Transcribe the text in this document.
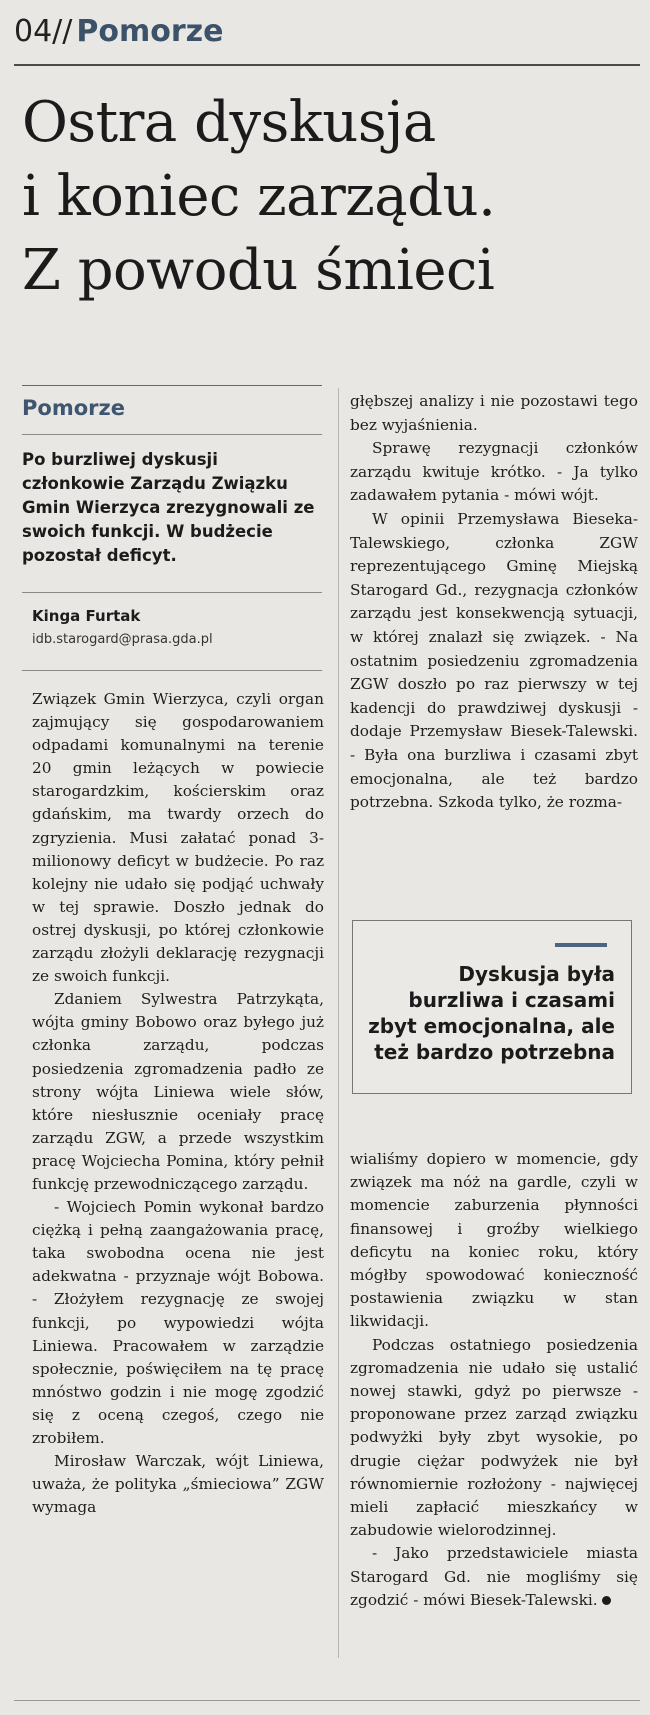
04// Pomorze
Ostra dyskusja
i koniec zarządu.
Z powodu śmieci
Pomorze
Po burzliwej dyskusji członkowie Zarządu Związku Gmin Wierzyca zrezygnowali ze swoich funkcji. W budżecie pozostał deficyt.
Kinga Furtak
idb.starogard@prasa.gda.pl

Związek Gmin Wierzyca, czyli organ zajmujący się gospodarowaniem odpadami komunalnymi na terenie 20 gmin leżących w powiecie starogardzkim, kościerskim oraz gdańskim, ma twardy orzech do zgryzienia. Musi załatać ponad 3-milionowy deficyt w budżecie. Po raz kolejny nie udało się podjąć uchwały w tej sprawie. Doszło jednak do ostrej dyskusji, po której członkowie zarządu złożyli deklarację rezygnacji ze swoich funkcji.

Zdaniem Sylwestra Patrzykąta, wójta gminy Bobowo oraz byłego już członka zarządu, podczas posiedzenia zgromadzenia padło ze strony wójta Liniewa wiele słów, które niesłusznie oceniały pracę zarządu ZGW, a przede wszystkim pracę Wojciecha Pomina, który pełnił funkcję przewodniczącego zarządu.

- Wojciech Pomin wykonał bardzo ciężką i pełną zaangażowania pracę, taka swobodna ocena nie jest adekwatna - przyznaje wójt Bobowa. - Złożyłem rezygnację ze swojej funkcji, po wypowiedzi wójta Liniewa. Pracowałem w zarządzie społecznie, poświęciłem na tę pracę mnóstwo godzin i nie mogę zgodzić się z oceną czegoś, czego nie zrobiłem.

Mirosław Warczak, wójt Liniewa, uważa, że polityka „śmieciowa” ZGW wymaga

głębszej analizy i nie pozostawi tego bez wyjaśnienia.

Sprawę rezygnacji członków zarządu kwituje krótko. - Ja tylko zadawałem pytania - mówi wójt.

W opinii Przemysława Bieseka-Talewskiego, członka ZGW reprezentującego Gminę Miejską Starogard Gd., rezygnacja członków zarządu jest konsekwencją sytuacji, w której znalazł się związek. - Na ostatnim posiedzeniu zgromadzenia ZGW doszło po raz pierwszy w tej kadencji do prawdziwej dyskusji - dodaje Przemysław Biesek-Talewski. - Była ona burzliwa i czasami zbyt emocjonalna, ale też bardzo potrzebna. Szkoda tylko, że rozma-

Dyskusja była burzliwa i czasami zbyt emocjonalna, ale też bardzo potrzebna

wialiśmy dopiero w momencie, gdy związek ma nóż na gardle, czyli w momencie zaburzenia płynności finansowej i groźby wielkiego deficytu na koniec roku, który mógłby spowodować konieczność postawienia związku w stan likwidacji.

Podczas ostatniego posiedzenia zgromadzenia nie udało się ustalić nowej stawki, gdyż po pierwsze - proponowane przez zarząd związku podwyżki były zbyt wysokie, po drugie ciężar podwyżek nie był równomiernie rozłożony - najwięcej mieli zapłacić mieszkańcy w zabudowie wielorodzinnej.

- Jako przedstawiciele miasta Starogard Gd. nie mogliśmy się zgodzić - mówi Biesek-Talewski.
